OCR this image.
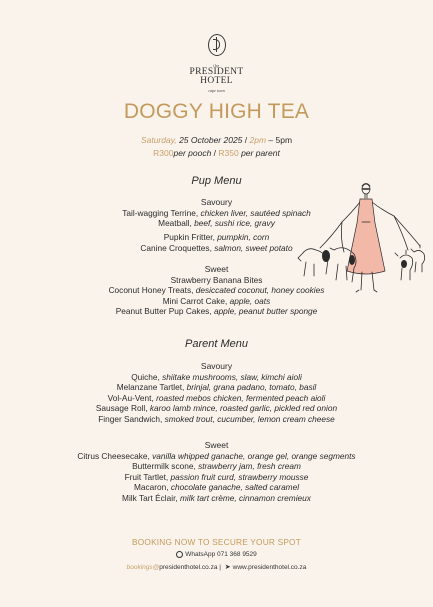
the
PRESIDENT
HOTEL
cape town
DOGGY HIGH TEA
Saturday, 25 October 2025 / 2pm – 5pm
R300per pooch / R350 per parent
Pup Menu
Savoury
Tail-wagging Terrine, chicken liver, sautéed spinach
Meatball, beef, sushi rice, gravy
Pupkin Fritter, pumpkin, corn
Canine Croquettes, salmon, sweet potato
Sweet
Strawberry Banana Bites
Coconut Honey Treats, desiccated coconut, honey cookies
Mini Carrot Cake, apple, oats
Peanut Butter Pup Cakes, apple, peanut butter sponge
Parent Menu
Savoury
Quiche, shiitake mushrooms, slaw, kimchi aioli
Melanzane Tartlet, brinjal, grana padano, tomato, basil
Vol-Au-Vent, roasted mebos chicken, fermented peach aioli
Sausage Roll, karoo lamb mince, roasted garlic, pickled red onion
Finger Sandwich, smoked trout, cucumber, lemon cream cheese
Sweet
Citrus Cheesecake, vanilla whipped ganache, orange gel, orange segments
Buttermilk scone, strawberry jam, fresh cream
Fruit Tartlet, passion fruit curd, strawberry mousse
Macaron, chocolate ganache, salted caramel
Milk Tart Éclair, milk tart crème, cinnamon cremieux
BOOKING NOW TO SECURE YOUR SPOT
WhatsApp 071 368 9529
bookings@presidenthotel.co.za | ➤ www.presidenthotel.co.za
